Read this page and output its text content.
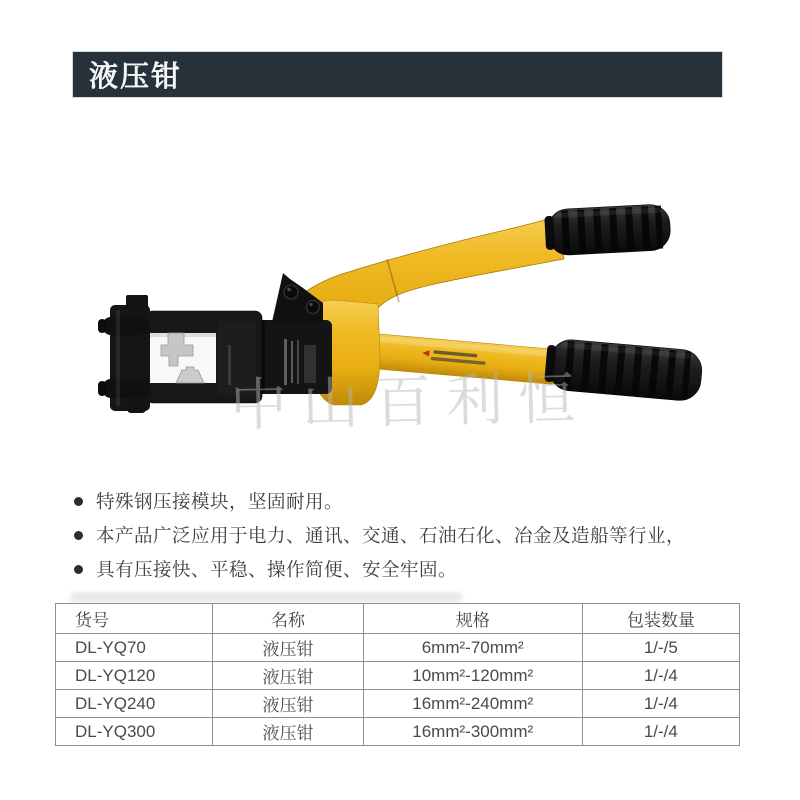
液压钳
中山百利恒
特殊钢压接模块，坚固耐用。
本产品广泛应用于电力、通讯、交通、石油石化、冶金及造船等行业，
具有压接快、平稳、操作简便、安全牢固。
货号	名称	规格	包装数量
DL-YQ70	液压钳	6mm²-70mm²	1/-/5
DL-YQ120	液压钳	10mm²-120mm²	1/-/4
DL-YQ240	液压钳	16mm²-240mm²	1/-/4
DL-YQ300	液压钳	16mm²-300mm²	1/-/4
